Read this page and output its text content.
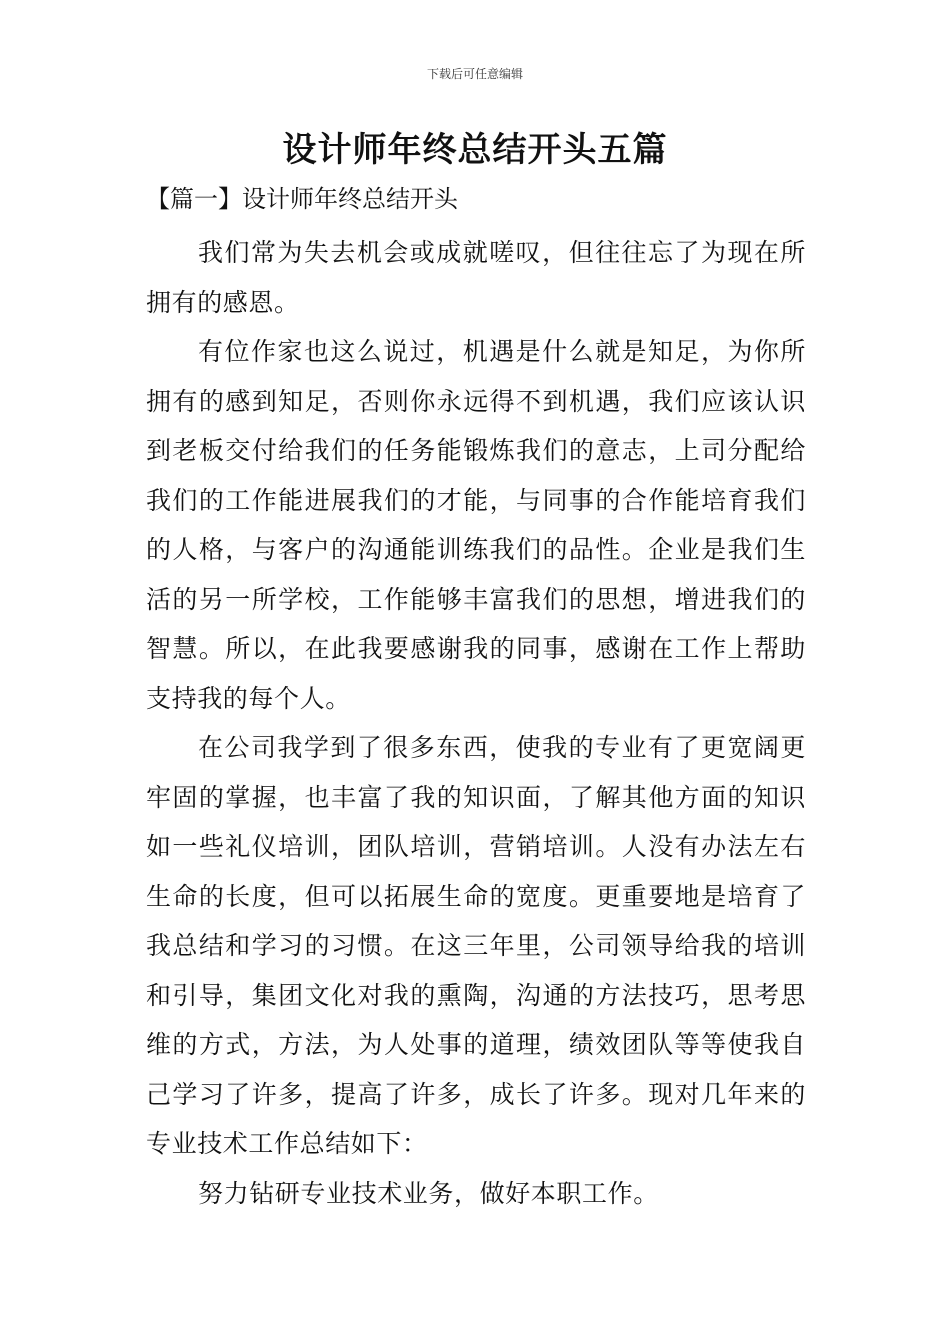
下载后可任意编辑
设计师年终总结开头五篇
【篇一】设计师年终总结开头

我们常为失去机会或成就嗟叹，但往往忘了为现在所拥有的感恩。

有位作家也这么说过，机遇是什么就是知足，为你所拥有的感到知足，否则你永远得不到机遇，我们应该认识到老板交付给我们的任务能锻炼我们的意志，上司分配给我们的工作能进展我们的才能，与同事的合作能培育我们的人格，与客户的沟通能训练我们的品性。企业是我们生活的另一所学校，工作能够丰富我们的思想，增进我们的智慧。所以，在此我要感谢我的同事，感谢在工作上帮助支持我的每个人。

在公司我学到了很多东西，使我的专业有了更宽阔更牢固的掌握，也丰富了我的知识面，了解其他方面的知识如一些礼仪培训，团队培训，营销培训。人没有办法左右生命的长度，但可以拓展生命的宽度。更重要地是培育了我总结和学习的习惯。在这三年里，公司领导给我的培训和引导，集团文化对我的熏陶，沟通的方法技巧，思考思维的方式，方法，为人处事的道理，绩效团队等等使我自己学习了许多，提高了许多，成长了许多。现对几年来的专业技术工作总结如下：

努力钻研专业技术业务，做好本职工作。
